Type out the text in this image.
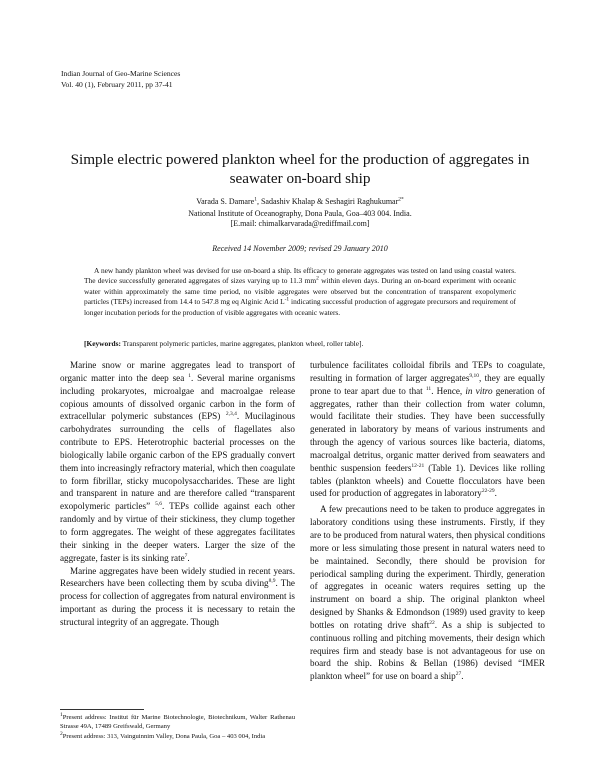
Indian Journal of Geo-Marine Sciences
Vol. 40 (1), February 2011, pp 37-41
Simple electric powered plankton wheel for the production of aggregates in seawater on-board ship
Varada S. Damare$^1$, Sadashiv Khalap & Seshagiri Raghukumar$^{2*}$
National Institute of Oceanography, Dona Paula, Goa–403 004. India.
[E.mail: chimalkarvarada@rediffmail.com]
Received 14 November 2009; revised 29 January 2010
A new handy plankton wheel was devised for use on-board a ship. Its efficacy to generate aggregates was tested on land using coastal waters. The device successfully generated aggregates of sizes varying up to 11.3 $mm^2$ within eleven days. During an on-board experiment with oceanic water within approximately the same time period, no visible aggregates were observed but the concentration of transparent exopolymeric particles (TEPs) increased from 14.4 to 547.8 mg eq Alginic Acid $L^{-1}$ indicating successful production of aggregate precursors and requirement of longer incubation periods for the production of visible aggregates with oceanic waters.
[Keywords: Transparent polymeric particles, marine aggregates, plankton wheel, roller table].

Marine snow or marine aggregates lead to transport of organic matter into the deep sea $^1$. Several marine organisms including prokaryotes, microalgae and macroalgae release copious amounts of dissolved organic carbon in the form of extracellular polymeric substances (EPS) $^{2,3,4}$. Mucilaginous carbohydrates surrounding the cells of flagellates also contribute to EPS. Heterotrophic bacterial processes on the biologically labile organic carbon of the EPS gradually convert them into increasingly refractory material, which then coagulate to form fibrillar, sticky mucopolysaccharides. These are light and transparent in nature and are therefore called “transparent exopolymeric particles” $^{5,6}$. TEPs collide against each other randomly and by virtue of their stickiness, they clump together to form aggregates. The weight of these aggregates facilitates their sinking in the deeper waters. Larger the size of the aggregate, faster is its sinking rate$^7$.

Marine aggregates have been widely studied in recent years. Researchers have been collecting them by scuba diving$^{8,9}$. The process for collection of aggregates from natural environment is important as during the process it is necessary to retain the structural integrity of an aggregate. Though

turbulence facilitates colloidal fibrils and TEPs to coagulate, resulting in formation of larger aggregates$^{9,10}$, they are equally prone to tear apart due to that $^{11}$. Hence, in vitro generation of aggregates, rather than their collection from water column, would facilitate their studies. They have been successfully generated in laboratory by means of various instruments and through the agency of various sources like bacteria, diatoms, macroalgal detritus, organic matter derived from seawaters and benthic suspension feeders$^{12-21}$ (Table 1). Devices like rolling tables (plankton wheels) and Couette flocculators have been used for production of aggregates in laboratory$^{22-29}$.

A few precautions need to be taken to produce aggregates in laboratory conditions using these instruments. Firstly, if they are to be produced from natural waters, then physical conditions more or less simulating those present in natural waters need to be maintained. Secondly, there should be provision for periodical sampling during the experiment. Thirdly, generation of aggregates in oceanic waters requires setting up the instrument on board a ship. The original plankton wheel designed by Shanks & Edmondson (1989) used gravity to keep bottles on rotating drive shaft$^{22}$. As a ship is subjected to continuous rolling and pitching movements, their design which requires firm and steady base is not advantageous for use on board the ship. Robins & Bellan (1986) devised “IMER plankton wheel” for use on board a ship$^{27}$.

$^1$Present address: Institut für Marine Biotechnologie, Biotechnikum, Walter Rathenau Strasse 49A, 17489 Greifswald, Germany
$^2$Present address: 313, Vainguinnim Valley, Dona Paula, Goa – 403 004, India
